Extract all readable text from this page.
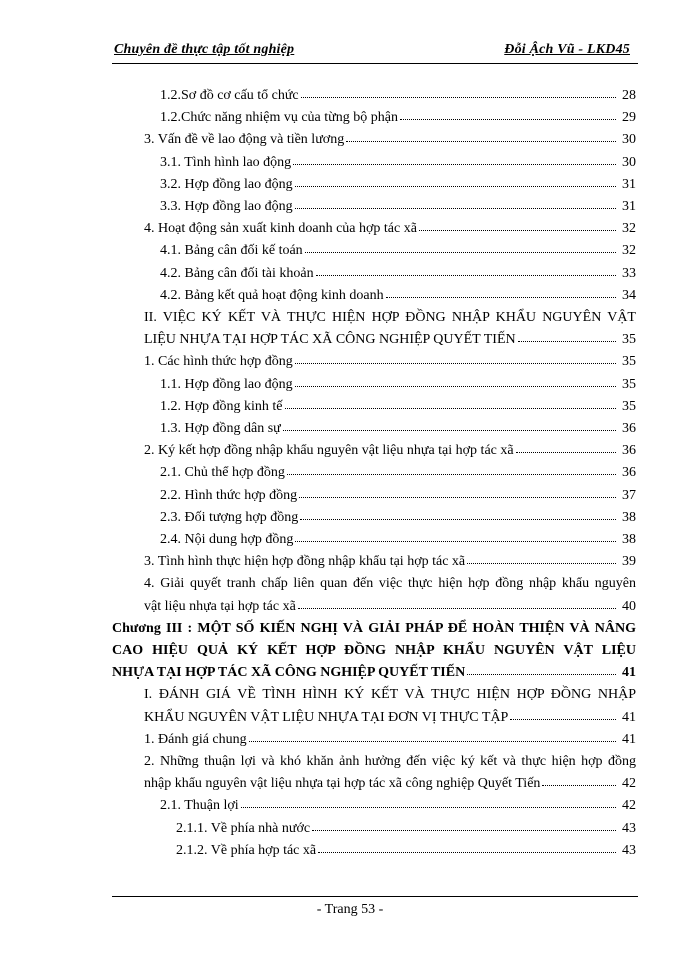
Chuyên đề thực tập tốt nghiệp	Đỗi Ậch Vũ - LKD45
1.2.Sơ đồ cơ cấu tổ chức	28
1.2.Chức năng nhiệm vụ của từng bộ phận	29
3. Vấn đề về lao động và tiền lương	30
3.1. Tình hình lao động	30
3.2. Hợp đồng lao động	31
3.3. Hợp đồng lao động	31
4. Hoạt động sản xuất kinh doanh của hợp tác xã	32
4.1. Bảng cân đối kế toán	32
4.2. Bảng cân đối tài khoản	33
4.2. Bảng kết quả hoạt động kinh doanh	34
II. VIỆC KÝ KẾT VÀ THỰC HIỆN HỢP ĐỒNG NHẬP KHẨU NGUYÊN VẬT
LIỆU NHỰA TẠI HỢP TÁC XÃ CÔNG NGHIỆP QUYẾT TIẾN	35
1. Các hình thức hợp đồng	35
1.1. Hợp đồng lao động	35
1.2. Hợp đồng kinh tế	35
1.3. Hợp đồng dân sự	36
2. Ký kết hợp đồng nhập khẩu nguyên vật liệu nhựa tại hợp tác xã	36
2.1. Chủ thể hợp đồng	36
2.2. Hình thức hợp đồng	37
2.3. Đối tượng hợp đồng	38
2.4. Nội dung hợp đồng	38
3. Tình hình thực hiện hợp đồng nhập khẩu tại hợp tác xã	39
4. Giải quyết tranh chấp liên quan đến việc thực hiện hợp đồng nhập khẩu nguyên
vật liệu nhựa tại hợp tác xã	40
Chương III : MỘT SỐ KIẾN NGHỊ VÀ GIẢI PHÁP ĐỂ HOÀN THIỆN VÀ NÂNG
CAO HIỆU QUẢ KÝ KẾT HỢP ĐỒNG NHẬP KHẨU NGUYÊN VẬT LIỆU
NHỰA TẠI HỢP TÁC XÃ CÔNG NGHIỆP QUYẾT TIẾN	41
I. ĐÁNH GIÁ VỀ TÌNH HÌNH KÝ KẾT VÀ THỰC HIỆN HỢP ĐỒNG NHẬP
KHẨU NGUYÊN VẬT LIỆU NHỰA TẠI ĐƠN VỊ THỰC TẬP	41
1. Đánh giá chung	41
2. Những thuận lợi và khó khăn ảnh hưởng đến việc ký kết và thực hiện hợp đồng
nhập khẩu nguyên vật liệu nhựa tại hợp tác xã công nghiệp Quyết Tiến	42
2.1. Thuận lợi	42
2.1.1. Về phía nhà nước	43
2.1.2. Về phía hợp tác xã	43
- Trang 53 -
